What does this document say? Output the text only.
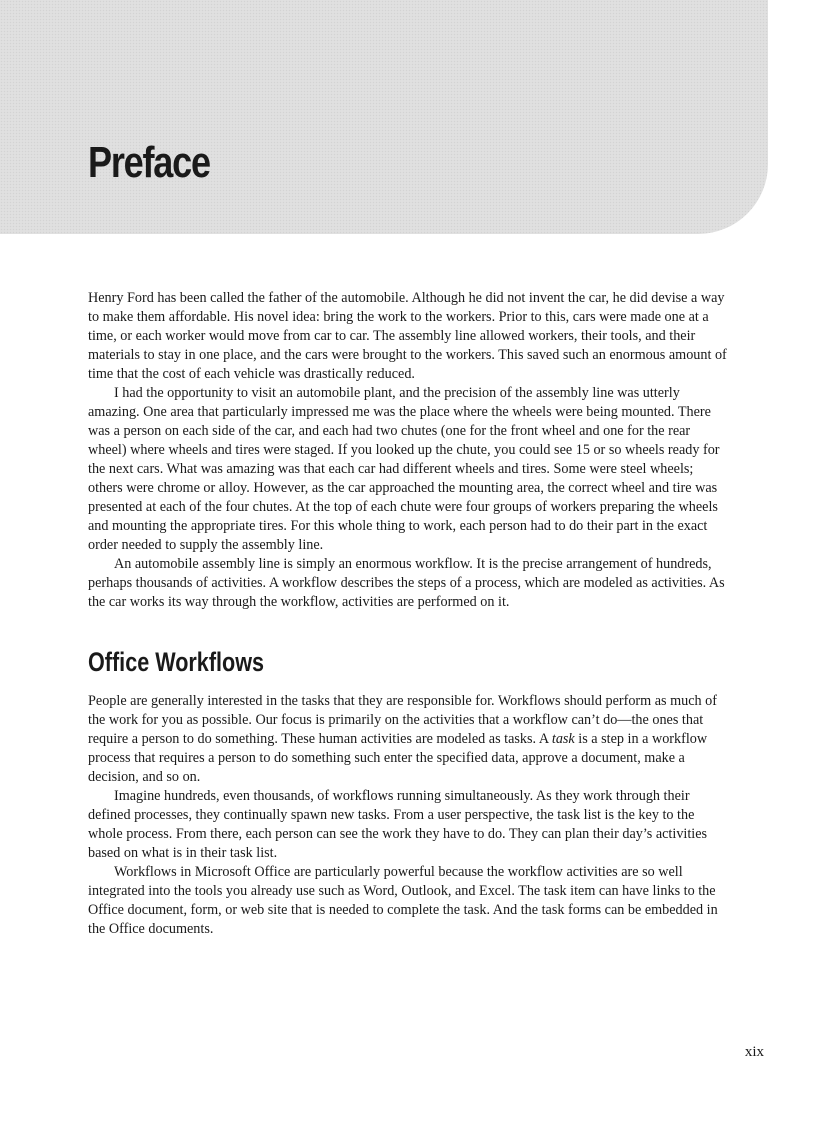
Preface

Henry Ford has been called the father of the automobile. Although he did not invent the car, he did devise a way to make them affordable. His novel idea: bring the work to the workers. Prior to this, cars were made one at a time, or each worker would move from car to car. The assembly line allowed workers, their tools, and their materials to stay in one place, and the cars were brought to the workers. This saved such an enormous amount of time that the cost of each vehicle was drastically reduced.

I had the opportunity to visit an automobile plant, and the precision of the assembly line was utterly amazing. One area that particularly impressed me was the place where the wheels were being mounted. There was a person on each side of the car, and each had two chutes (one for the front wheel and one for the rear wheel) where wheels and tires were staged. If you looked up the chute, you could see 15 or so wheels ready for the next cars. What was amazing was that each car had different wheels and tires. Some were steel wheels; others were chrome or alloy. However, as the car approached the mounting area, the correct wheel and tire was presented at each of the four chutes. At the top of each chute were four groups of workers preparing the wheels and mounting the appropriate tires. For this whole thing to work, each person had to do their part in the exact order needed to supply the assembly line.

An automobile assembly line is simply an enormous workflow. It is the precise arrangement of hundreds, perhaps thousands of activities. A workflow describes the steps of a process, which are modeled as activities. As the car works its way through the workflow, activities are performed on it.

Office Workflows

People are generally interested in the tasks that they are responsible for. Workflows should perform as much of the work for you as possible. Our focus is primarily on the activities that a workflow can’t do—the ones that require a person to do something. These human activities are modeled as tasks. A task is a step in a workflow process that requires a person to do something such enter the specified data, approve a document, make a decision, and so on.

Imagine hundreds, even thousands, of workflows running simultaneously. As they work through their defined processes, they continually spawn new tasks. From a user perspective, the task list is the key to the whole process. From there, each person can see the work they have to do. They can plan their day’s activities based on what is in their task list.

Workflows in Microsoft Office are particularly powerful because the workflow activities are so well integrated into the tools you already use such as Word, Outlook, and Excel. The task item can have links to the Office document, form, or web site that is needed to complete the task. And the task forms can be embedded in the Office documents.

xix
